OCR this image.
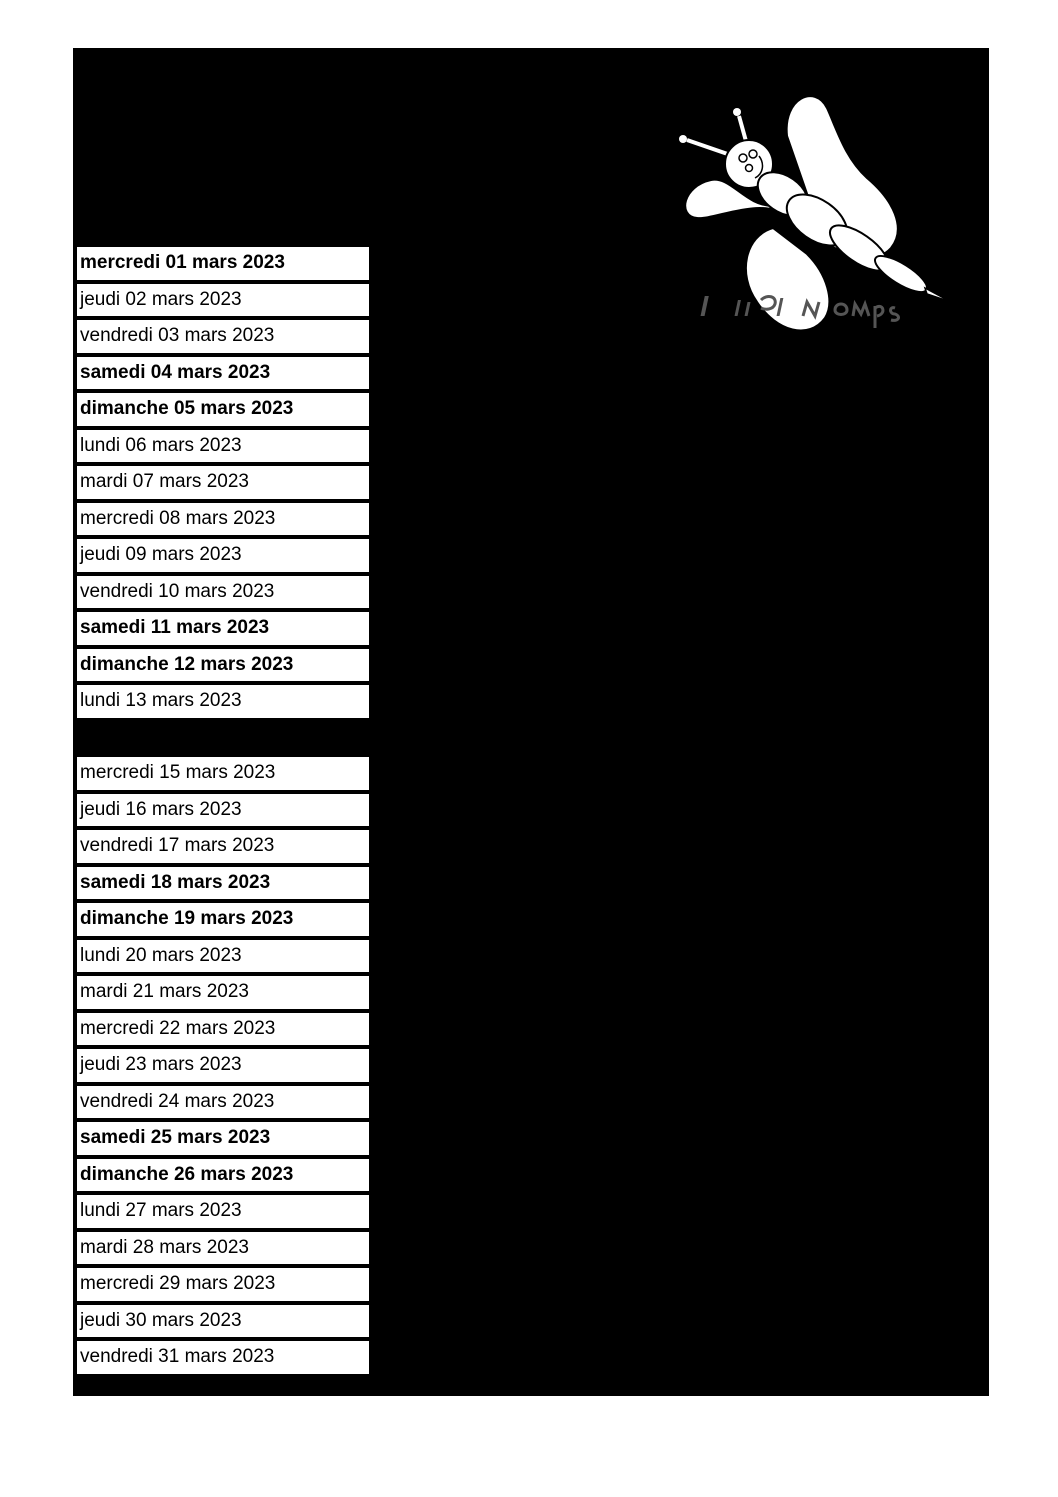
mercredi 01 mars 2023
jeudi 02 mars 2023
vendredi 03 mars 2023
samedi 04 mars 2023
dimanche 05 mars 2023
lundi 06 mars 2023
mardi 07 mars 2023
mercredi 08 mars 2023
jeudi 09 mars 2023
vendredi 10 mars 2023
samedi 11 mars 2023
dimanche 12 mars 2023
lundi 13 mars 2023
mercredi 15 mars 2023
jeudi 16 mars 2023
vendredi 17 mars 2023
samedi 18 mars 2023
dimanche 19 mars 2023
lundi 20 mars 2023
mardi 21 mars 2023
mercredi 22 mars 2023
jeudi 23 mars 2023
vendredi 24 mars 2023
samedi 25 mars 2023
dimanche 26 mars 2023
lundi 27 mars 2023
mardi 28 mars 2023
mercredi 29 mars 2023
jeudi 30 mars 2023
vendredi 31 mars 2023
